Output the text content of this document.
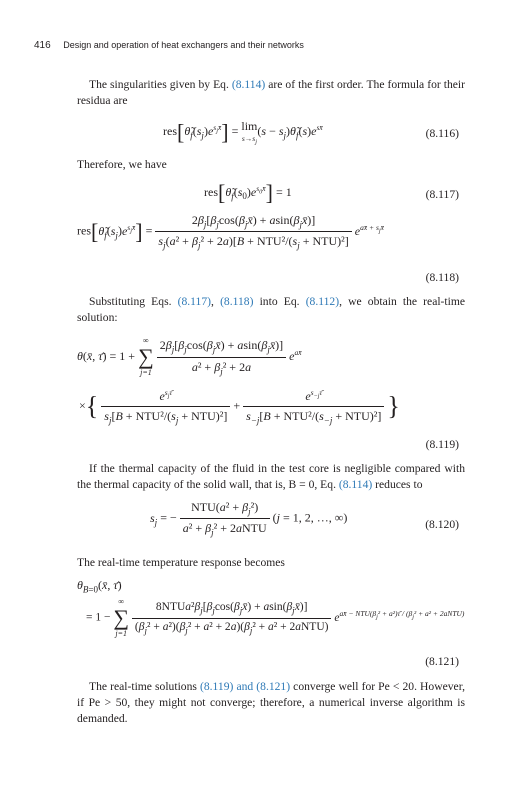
416 Design and operation of heat exchangers and their networks
The singularities given by Eq. (8.114) are of the first order. The formula for their residua are
$res[\thetã_f(s_j)e^{s_jx̄}] = \lim$
$s\to s_j$
$(s - s_j)\thetã_f(s)e^{sx̄}$	(8.116)
Therefore, we have
$res[\thetã_f(s_0)e^{s_0x̄}] = 1$	(8.117)
$res[\thetã_f(s_j)e^{s_jx̄}] = \frac{2\beta_j[\beta_j\cos(\beta_jx̄) + asin(\beta_jx̄)]}{s_j(a^2 + \beta_j^2 + 2a)[B + NTU^2/(s_j + NTU)^2]} e^{ax̄ + s_jx̄}$
(8.118)
Substituting Eqs. (8.117), (8.118) into Eq. (8.112), we obtain the real-time solution:
θ(x̄, τ̄) = 1 +
∞
∑
j=1
$\frac{2\beta_j[\beta_j\cos(\beta_jx̄) + asin(\beta_jx̄)]}{a^2 + \beta_j^2 + 2a} e^{ax̄}$
×{ $\frac{e^{s_j\taū}}{s_j[B + NTU^2/(s_j + NTU)^2]} + \frac{e^{s_{-j}\taū}}{s_{-j}[B + NTU^2/(s_{-j} + NTU)^2]}$ }
(8.119)
If the thermal capacity of the fluid in the test core is negligible compared with the thermal capacity of the solid wall, that is, B = 0, Eq. (8.114) reduces to
$s_j$ = − $\frac{NTU(a^2 + \beta_j^2)}{a^2 + \beta_j^2 + 2aNTU} (j = 1$, 2, …, ∞)	(8.120)
The real-time temperature response becomes
$\theta_{B=0}(x̄$, τ̄)
= 1 −
∞
∑
j=1
$\frac{8NTUa^2\beta_j[\beta_j\cos(\beta_jx̄) + asin(\beta_jx̄)]}{(\beta_j^2 + a^2)(\beta_j^2 + a^2 + 2a)(\beta_j^2 + a^2 + 2aNTU)} e^{ax̄ - NTU(\beta_j^2 + a^2)\taū / (\beta_j^2 + a^2 + 2aNTU)}$
(8.121)
The real-time solutions (8.119) and (8.121) converge well for Pe < 20. However, if Pe > 50, they might not converge; therefore, a numerical inverse algorithm is demanded.
